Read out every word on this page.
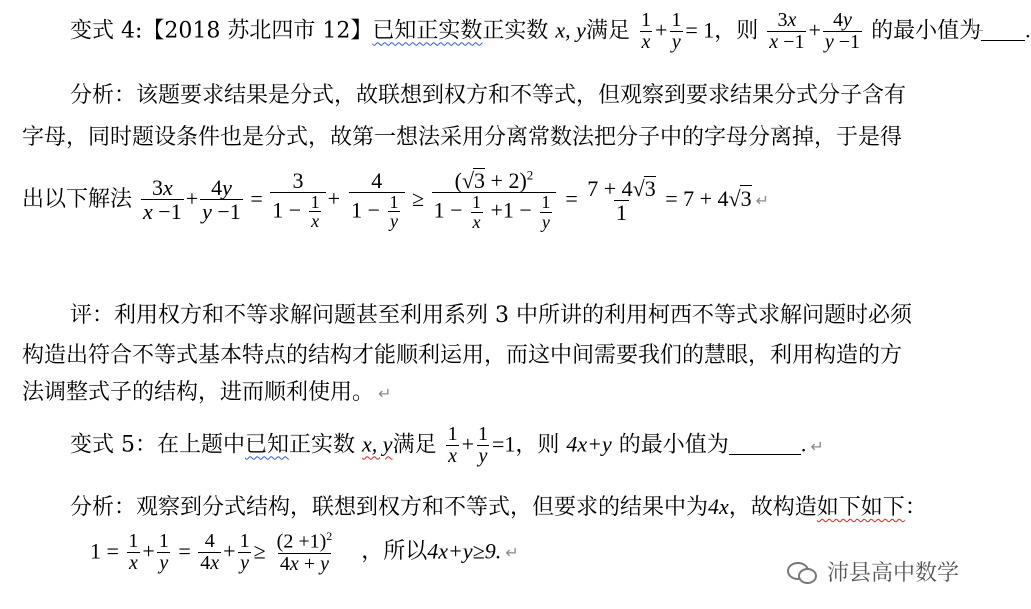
变式 4:【2018 苏北四市 12】已知正实数正实数 x, y满足 $\frac{1}{x} + \frac{1}{y} = 1$，则 $\frac{3x}{x -1} + \frac{4y}{y -1}$ 的最小值为 .
分析：该题要求结果是分式，故联想到权方和不等式，但观察到要求结果分式分子含有
字母，同时题设条件也是分式，故第一想法采用分离常数法把分子中的字母分离掉，于是得
出以下解法 $\frac{3x}{x -1} + \frac{4y}{y -1} = \frac{3}{1 - \frac{1}{x}} + \frac{4}{1 - \frac{1}{y}} \ge \frac{(√3 + 2)^2}{1 - \frac{1}{x} +1 - \frac{1}{y}} = \frac{7 + 4√3}{1} = 7 + 4√3$ ↵
评：利用权方和不等求解问题甚至利用系列 3 中所讲的利用柯西不等式求解问题时必须
构造出符合不等式基本特点的结构才能顺利运用，而这中间需要我们的慧眼，利用构造的方
法调整式子的结构，进而顺利使用。 ↵
变式 5：在上题中已知正实数 x, y满足 $\frac{1}{x} + \frac{1}{y} =1$，则 4x+y 的最小值为	. ↵
分析：观察到分式结构，联想到权方和不等式，但要求的结果中为4x，故构造如下如下：
$1 = \frac{1}{x} + \frac{1}{y} = \frac{4}{4x} + \frac{1}{y} \ge \frac{(2 +1)^2}{4x + y}$ ，所以4x+y≥9. ↵
沛县高中数学
